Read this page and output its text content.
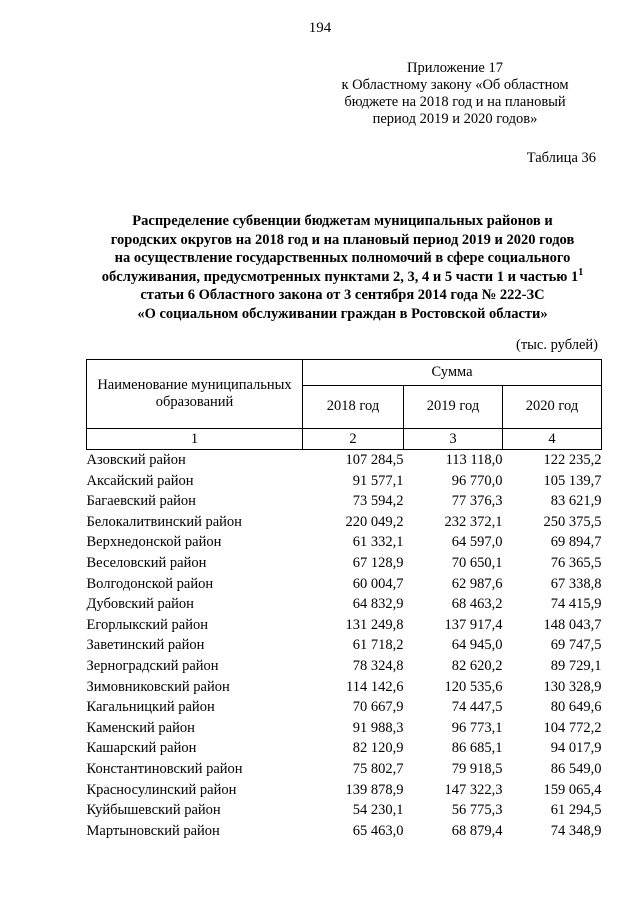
194
Приложение 17
к Областному закону «Об областном
бюджете на 2018 год и на плановый
период 2019 и 2020 годов»
Таблица 36
Распределение субвенции бюджетам муниципальных районов и
городских округов на 2018 год и на плановый период 2019 и 2020 годов
на осуществление государственных полномочий в сфере социального
обслуживания, предусмотренных пунктами 2, 3, 4 и 5 части 1 и частью $1^1$
статьи 6 Областного закона от 3 сентября 2014 года № 222-ЗС
«О социальном обслуживании граждан в Ростовской области»
(тыс. рублей)
Наименование муниципальных образований	Сумма		
	2018 год	2019 год	2020 год
1	2	3	4
Азовский район	107 284,5	113 118,0	122 235,2
Аксайский район	91 577,1	96 770,0	105 139,7
Багаевский район	73 594,2	77 376,3	83 621,9
Белокалитвинский район	220 049,2	232 372,1	250 375,5
Верхнедонской район	61 332,1	64 597,0	69 894,7
Веселовский район	67 128,9	70 650,1	76 365,5
Волгодонской район	60 004,7	62 987,6	67 338,8
Дубовский район	64 832,9	68 463,2	74 415,9
Егорлыкский район	131 249,8	137 917,4	148 043,7
Заветинский район	61 718,2	64 945,0	69 747,5
Зерноградский район	78 324,8	82 620,2	89 729,1
Зимовниковский район	114 142,6	120 535,6	130 328,9
Кагальницкий район	70 667,9	74 447,5	80 649,6
Каменский район	91 988,3	96 773,1	104 772,2
Кашарский район	82 120,9	86 685,1	94 017,9
Константиновский район	75 802,7	79 918,5	86 549,0
Красносулинский район	139 878,9	147 322,3	159 065,4
Куйбышевский район	54 230,1	56 775,3	61 294,5
Мартыновский район	65 463,0	68 879,4	74 348,9
